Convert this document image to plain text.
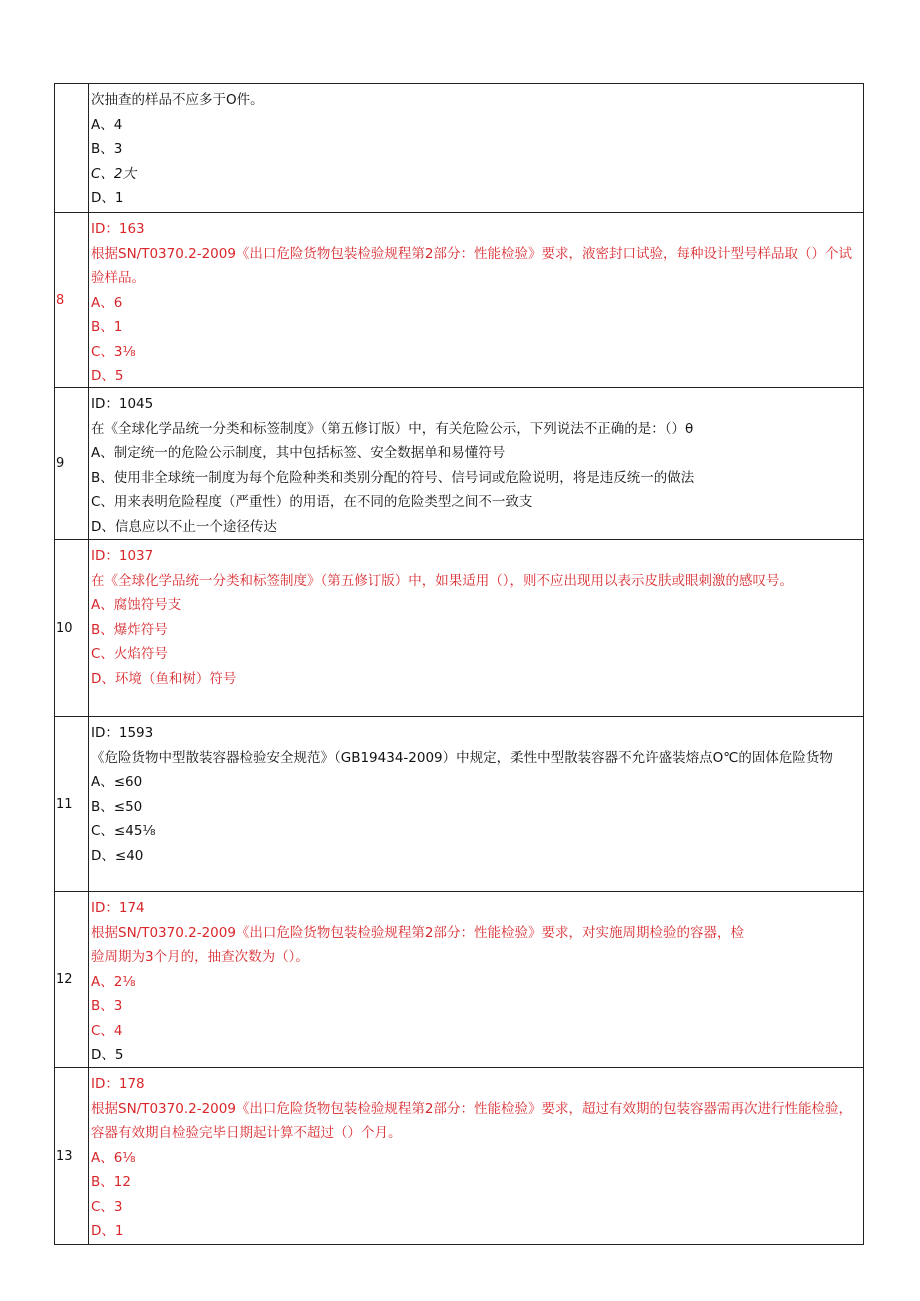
次抽查的样品不应多于O件。
A、4
B、3
C、2大
D、1
8
ID：163
根据SN/T0370.2-2009《出口危险货物包装检验规程第2部分：性能检验》要求，液密封口试验，每种设计型号样品取（）个试验样品。
A、6
B、1
C、3⅛
D、5
9
ID：1045
在《全球化学品统一分类和标签制度》（第五修订版）中，有关危险公示，下列说法不正确的是：（）θ
A、制定统一的危险公示制度，其中包括标签、安全数据单和易懂符号
B、使用非全球统一制度为每个危险种类和类别分配的符号、信号词或危险说明，将是违反统一的做法
C、用来表明危险程度（严重性）的用语，在不同的危险类型之间不一致支
D、信息应以不止一个途径传达
10
ID：1037
在《全球化学品统一分类和标签制度》（第五修订版）中，如果适用（），则不应出现用以表示皮肤或眼刺激的感叹号。
A、腐蚀符号支
B、爆炸符号
C、火焰符号
D、环境（鱼和树）符号
11
ID：1593
《危险货物中型散装容器检验安全规范》（GB19434-2009）中规定，柔性中型散装容器不允许盛装熔点O℃的固体危险货物
A、≤60
B、≤50
C、≤45⅛
D、≤40
12
ID：174
根据SN/T0370.2-2009《出口危险货物包装检验规程第2部分：性能检验》要求，对实施周期检验的容器，检
验周期为3个月的，抽查次数为（）。
A、2⅛
B、3
C、4
D、5
13
ID：178
根据SN/T0370.2-2009《出口危险货物包装检验规程第2部分：性能检验》要求，超过有效期的包装容器需再次进行性能检验，容器有效期自检验完毕日期起计算不超过（）个月。
A、6⅛
B、12
C、3
D、1
